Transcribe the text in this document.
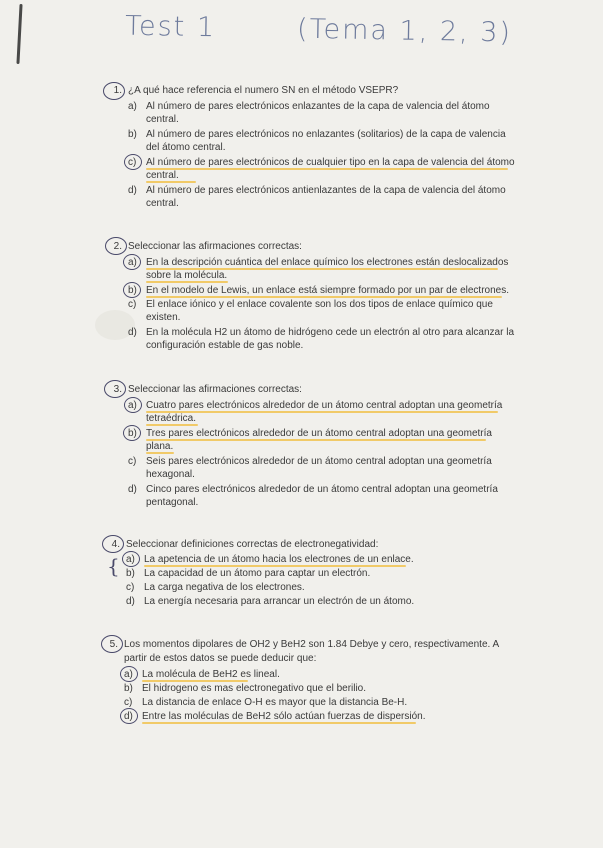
Test 1	(Tema 1, 2, 3)
1. ¿A qué hace referencia el numero SN en el método VSEPR?
a) Al número de pares electrónicos enlazantes de la capa de valencia del átomo
central.
b) Al número de pares electrónicos no enlazantes (solitarios) de la capa de valencia
del átomo central.
c) Al número de pares electrónicos de cualquier tipo en la capa de valencia del átomo
central.
d) Al número de pares electrónicos antienlazantes de la capa de valencia del átomo
central.
2. Seleccionar las afirmaciones correctas:
a) En la descripción cuántica del enlace químico los electrones están deslocalizados
sobre la molécula.
b) En el modelo de Lewis, un enlace está siempre formado por un par de electrones.
c) El enlace iónico y el enlace covalente son los dos tipos de enlace químico que
existen.
d) En la molécula H2 un átomo de hidrógeno cede un electrón al otro para alcanzar la
configuración estable de gas noble.
3. Seleccionar las afirmaciones correctas:
a) Cuatro pares electrónicos alrededor de un átomo central adoptan una geometría
tetraédrica.
b) Tres pares electrónicos alrededor de un átomo central adoptan una geometría
plana.
c) Seis pares electrónicos alrededor de un átomo central adoptan una geometría
hexagonal.
d) Cinco pares electrónicos alrededor de un átomo central adoptan una geometría
pentagonal.
4. Seleccionar definiciones correctas de electronegatividad:
{ a) La apetencia de un átomo hacia los electrones de un enlace.
b) La capacidad de un átomo para captar un electrón.
c) La carga negativa de los electrones.
d) La energía necesaria para arrancar un electrón de un átomo.
5. Los momentos dipolares de OH2 y BeH2 son 1.84 Debye y cero, respectivamente. A
partir de estos datos se puede deducir que:
a) La molécula de BeH2 es lineal.
b) El hidrogeno es mas electronegativo que el berilio.
c) La distancia de enlace O-H es mayor que la distancia Be-H.
d) Entre las moléculas de BeH2 sólo actúan fuerzas de dispersión.
